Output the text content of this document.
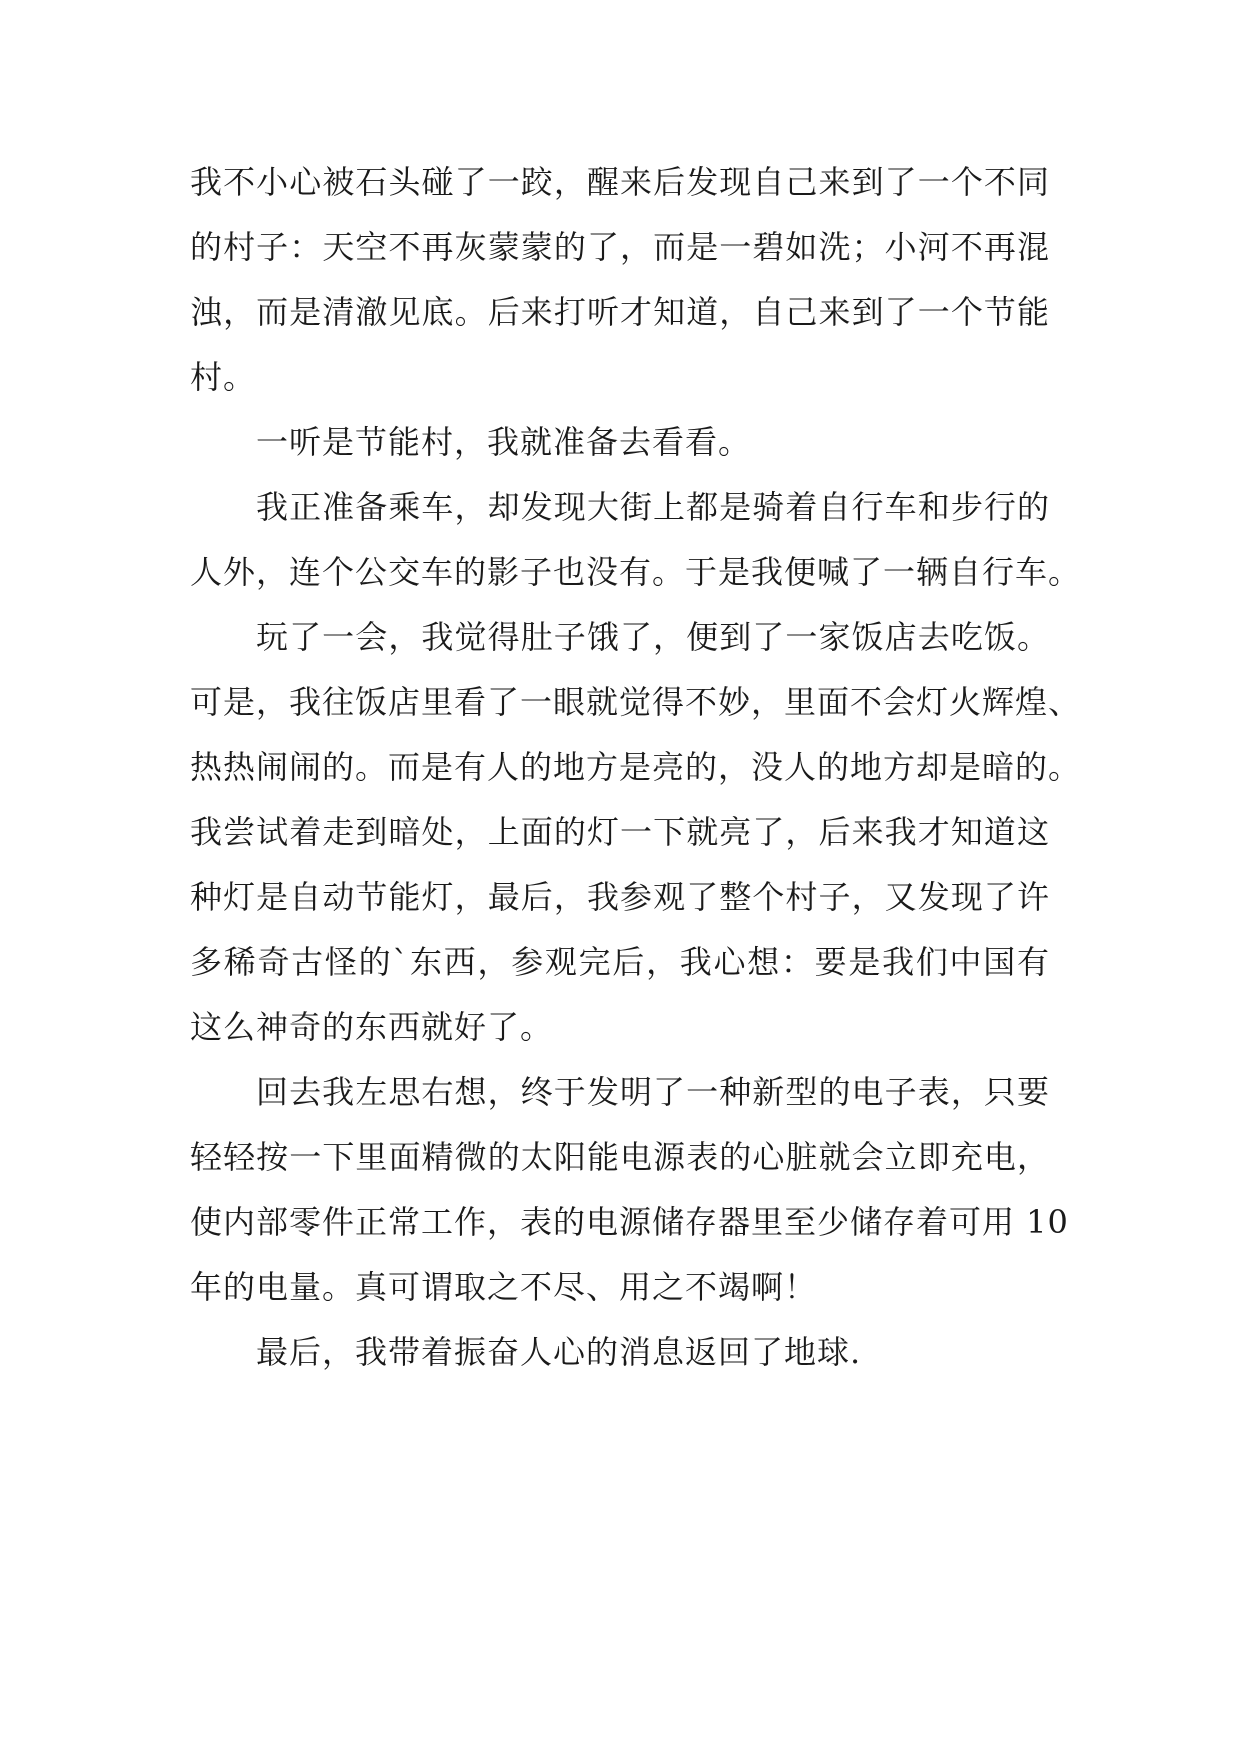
我不小心被石头碰了一跤，醒来后发现自己来到了一个不同
的村子：天空不再灰蒙蒙的了，而是一碧如洗；小河不再混
浊，而是清澈见底。后来打听才知道，自己来到了一个节能
村。
一听是节能村，我就准备去看看。
我正准备乘车，却发现大街上都是骑着自行车和步行的
人外，连个公交车的影子也没有。于是我便喊了一辆自行车。
玩了一会，我觉得肚子饿了，便到了一家饭店去吃饭。
可是，我往饭店里看了一眼就觉得不妙，里面不会灯火辉煌、
热热闹闹的。而是有人的地方是亮的，没人的地方却是暗的。
我尝试着走到暗处，上面的灯一下就亮了，后来我才知道这
种灯是自动节能灯，最后，我参观了整个村子，又发现了许
多稀奇古怪的`东西，参观完后，我心想：要是我们中国有
这么神奇的东西就好了。
回去我左思右想，终于发明了一种新型的电子表，只要
轻轻按一下里面精微的太阳能电源表的心脏就会立即充电，
使内部零件正常工作，表的电源储存器里至少储存着可用 10
年的电量。真可谓取之不尽、用之不竭啊！
最后，我带着振奋人心的消息返回了地球.
